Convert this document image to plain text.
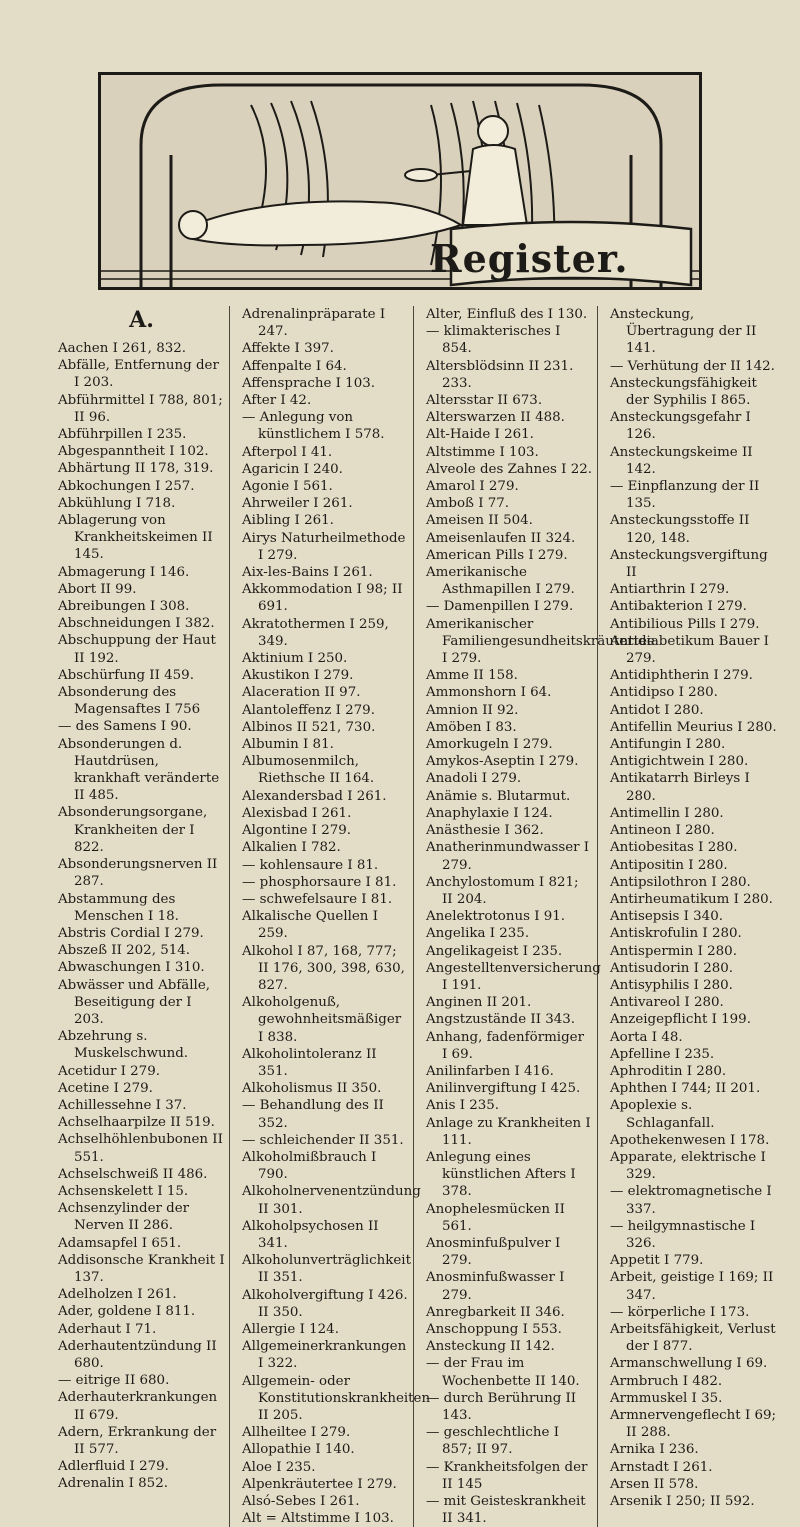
Register.
A.

Aachen I 261, 832.

Abfälle, Entfernung der I 203.

Abführmittel I 788, 801; II 96.

Abführpillen I 235.

Abgespanntheit I 102.

Abhärtung II 178, 319.

Abkochungen I 257.

Abkühlung I 718.

Ablagerung von Krankheitskeimen II 145.

Abmagerung I 146.

Abort II 99.

Abreibungen I 308.

Abschneidungen I 382.

Abschuppung der Haut II 192.

Abschürfung II 459.

Absonderung des Magensaftes I 756

— des Samens I 90.

Absonderungen d. Hautdrüsen, krankhaft veränderte II 485.

Absonderungsorgane, Krankheiten der I 822.

Absonderungsnerven II 287.

Abstammung des Menschen I 18.

Abstris Cordial I 279.

Abszeß II 202, 514.

Abwaschungen I 310.

Abwässer und Abfälle, Beseitigung der I 203.

Abzehrung s. Muskelschwund.

Acetidur I 279.

Acetine I 279.

Achillessehne I 37.

Achselhaarpilze II 519.

Achselhöhlenbubonen II 551.

Achselschweiß II 486.

Achsenskelett I 15.

Achsenzylinder der Nerven II 286.

Adamsapfel I 651.

Addisonsche Krankheit I 137.

Adelholzen I 261.

Ader, goldene I 811.

Aderhaut I 71.

Aderhautentzündung II 680.

— eitrige II 680.

Aderhauterkrankungen II 679.

Adern, Erkrankung der II 577.

Adlerfluid I 279.

Adrenalin I 852.

Adrenalinpräparate I 247.

Affekte I 397.

Affenpalte I 64.

Affensprache I 103.

After I 42.

— Anlegung von künstlichem I 578.

Afterpol I 41.

Agaricin I 240.

Agonie I 561.

Ahrweiler I 261.

Aibling I 261.

Airys Naturheilmethode I 279.

Aix-les-Bains I 261.

Akkommodation I 98; II 691.

Akratothermen I 259, 349.

Aktinium I 250.

Akustikon I 279.

Alaceration II 97.

Alantoleffenz I 279.

Albinos II 521, 730.

Albumin I 81.

Albumosenmilch, Riethsche II 164.

Alexandersbad I 261.

Alexisbad I 261.

Algontine I 279.

Alkalien I 782.

— kohlensaure I 81.

— phosphorsaure I 81.

— schwefelsaure I 81.

Alkalische Quellen I 259.

Alkohol I 87, 168, 777; II 176, 300, 398, 630, 827.

Alkoholgenuß, gewohnheitsmäßiger I 838.

Alkoholintoleranz II 351.

Alkoholismus II 350.

— Behandlung des II 352.

— schleichender II 351.

Alkoholmißbrauch I 790.

Alkoholnervenentzündung II 301.

Alkoholpsychosen II 341.

Alkoholunverträglichkeit II 351.

Alkoholvergiftung I 426. II 350.

Allergie I 124.

Allgemeinerkrankungen I 322.

Allgemein- oder Konstitutionskrankheiten II 205.

Allheiltee I 279.

Allopathie I 140.

Aloe I 235.

Alpenkräutertee I 279.

Alsó-Sebes I 261.

Alt = Altstimme I 103.

Alter, Einfluß des I 130.

— klimakterisches I 854.

Altersblödsinn II 231. 233.

Altersstar II 673.

Alterswarzen II 488.

Alt-Haide I 261.

Altstimme I 103.

Alveole des Zahnes I 22.

Amarol I 279.

Amboß I 77.

Ameisen II 504.

Ameisenlaufen II 324.

American Pills I 279.

Amerikanische Asthmapillen I 279.

— Damenpillen I 279.

Amerikanischer Familiengesundheitskräutertee I 279.

Amme II 158.

Ammonshorn I 64.

Amnion II 92.

Amöben I 83.

Amorkugeln I 279.

Amykos-Aseptin I 279.

Anadoli I 279.

Anämie s. Blutarmut.

Anaphylaxie I 124.

Anästhesie I 362.

Anatherinmundwasser I 279.

Anchylostomum I 821; II 204.

Anelektrotonus I 91.

Angelika I 235.

Angelikageist I 235.

Angestelltenversicherung I 191.

Anginen II 201.

Angstzustände II 343.

Anhang, fadenförmiger I 69.

Anilinfarben I 416.

Anilinvergiftung I 425.

Anis I 235.

Anlage zu Krankheiten I 111.

Anlegung eines künstlichen Afters I 378.

Anophelesmücken II 561.

Anosminfußpulver I 279.

Anosminfußwasser I 279.

Anregbarkeit II 346.

Anschoppung I 553.

Ansteckung II 142.

— der Frau im Wochenbette II 140.

— durch Berührung II 143.

— geschlechtliche I 857; II 97.

— Krankheitsfolgen der II 145

— mit Geisteskrankheit II 341.

Ansteckung, Übertragung der II 141.

— Verhütung der II 142.

Ansteckungsfähigkeit der Syphilis I 865.

Ansteckungsgefahr I 126.

Ansteckungskeime II 142.

— Einpflanzung der II 135.

Ansteckungsstoffe II 120, 148.

Ansteckungsvergiftung II

Antiarthrin I 279.

Antibakterion I 279.

Antibilious Pills I 279.

Antidiabetikum Bauer I 279.

Antidiphtherin I 279.

Antidipso I 280.

Antidot I 280.

Antifellin Meurius I 280.

Antifungin I 280.

Antigichtwein I 280.

Antikatarrh Birleys I 280.

Antimellin I 280.

Antineon I 280.

Antiobesitas I 280.

Antipositin I 280.

Antipsilothron I 280.

Antirheumatikum I 280.

Antisepsis I 340.

Antiskrofulin I 280.

Antispermin I 280.

Antisudorin I 280.

Antisyphilis I 280.

Antivareol I 280.

Anzeigepflicht I 199.

Aorta I 48.

Apfelline I 235.

Aphroditin I 280.

Aphthen I 744; II 201.

Apoplexie s. Schlaganfall.

Apothekenwesen I 178.

Apparate, elektrische I 329.

— elektromagnetische I 337.

— heilgymnastische I 326.

Appetit I 779.

Arbeit, geistige I 169; II 347.

— körperliche I 173.

Arbeitsfähigkeit, Verlust der I 877.

Armanschwellung I 69.

Armbruch I 482.

Armmuskel I 35.

Armnervengeflecht I 69; II 288.

Arnika I 236.

Arnstadt I 261.

Arsen II 578.

Arsenik I 250; II 592.
